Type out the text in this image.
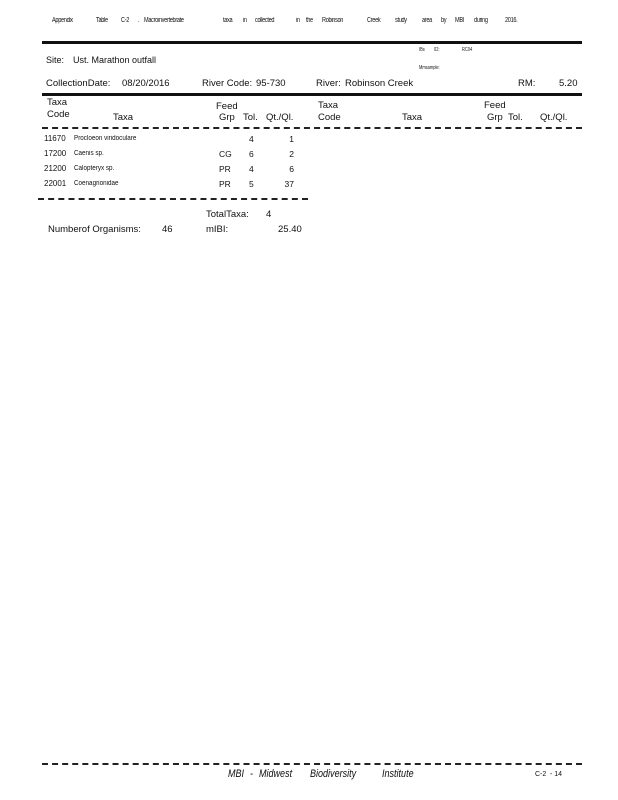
Appendix	Table C-2 . Macroinvertebrate	taxa in collected	in the Robinson	Creek study area by MBI during 2016.
Site: Ust. Marathon outfall
IBs 02:	RC04
Mmsample:
CollectionDate: 08/20/2016	River Code: 95-730	River: Robinson Creek	RM: 5.20
Taxa
Code	Taxa
Feed
Grp Tol. Qt./Ql.
Taxa
Code	Taxa
Feed
Grp Tol. Qt./Ql.
11670 Procloeon viridoculare	4	1
17200 Caenis sp.	CG 6	2
21200 Calopteryx sp.	PR 4	6
22001 Coenagrionidae	PR 5	37
TotalTaxa: 4
Numberof Organisms: 46	mIBI:	25.40
MBI - Midwest Biodiversity Institute	C-2 - 14
